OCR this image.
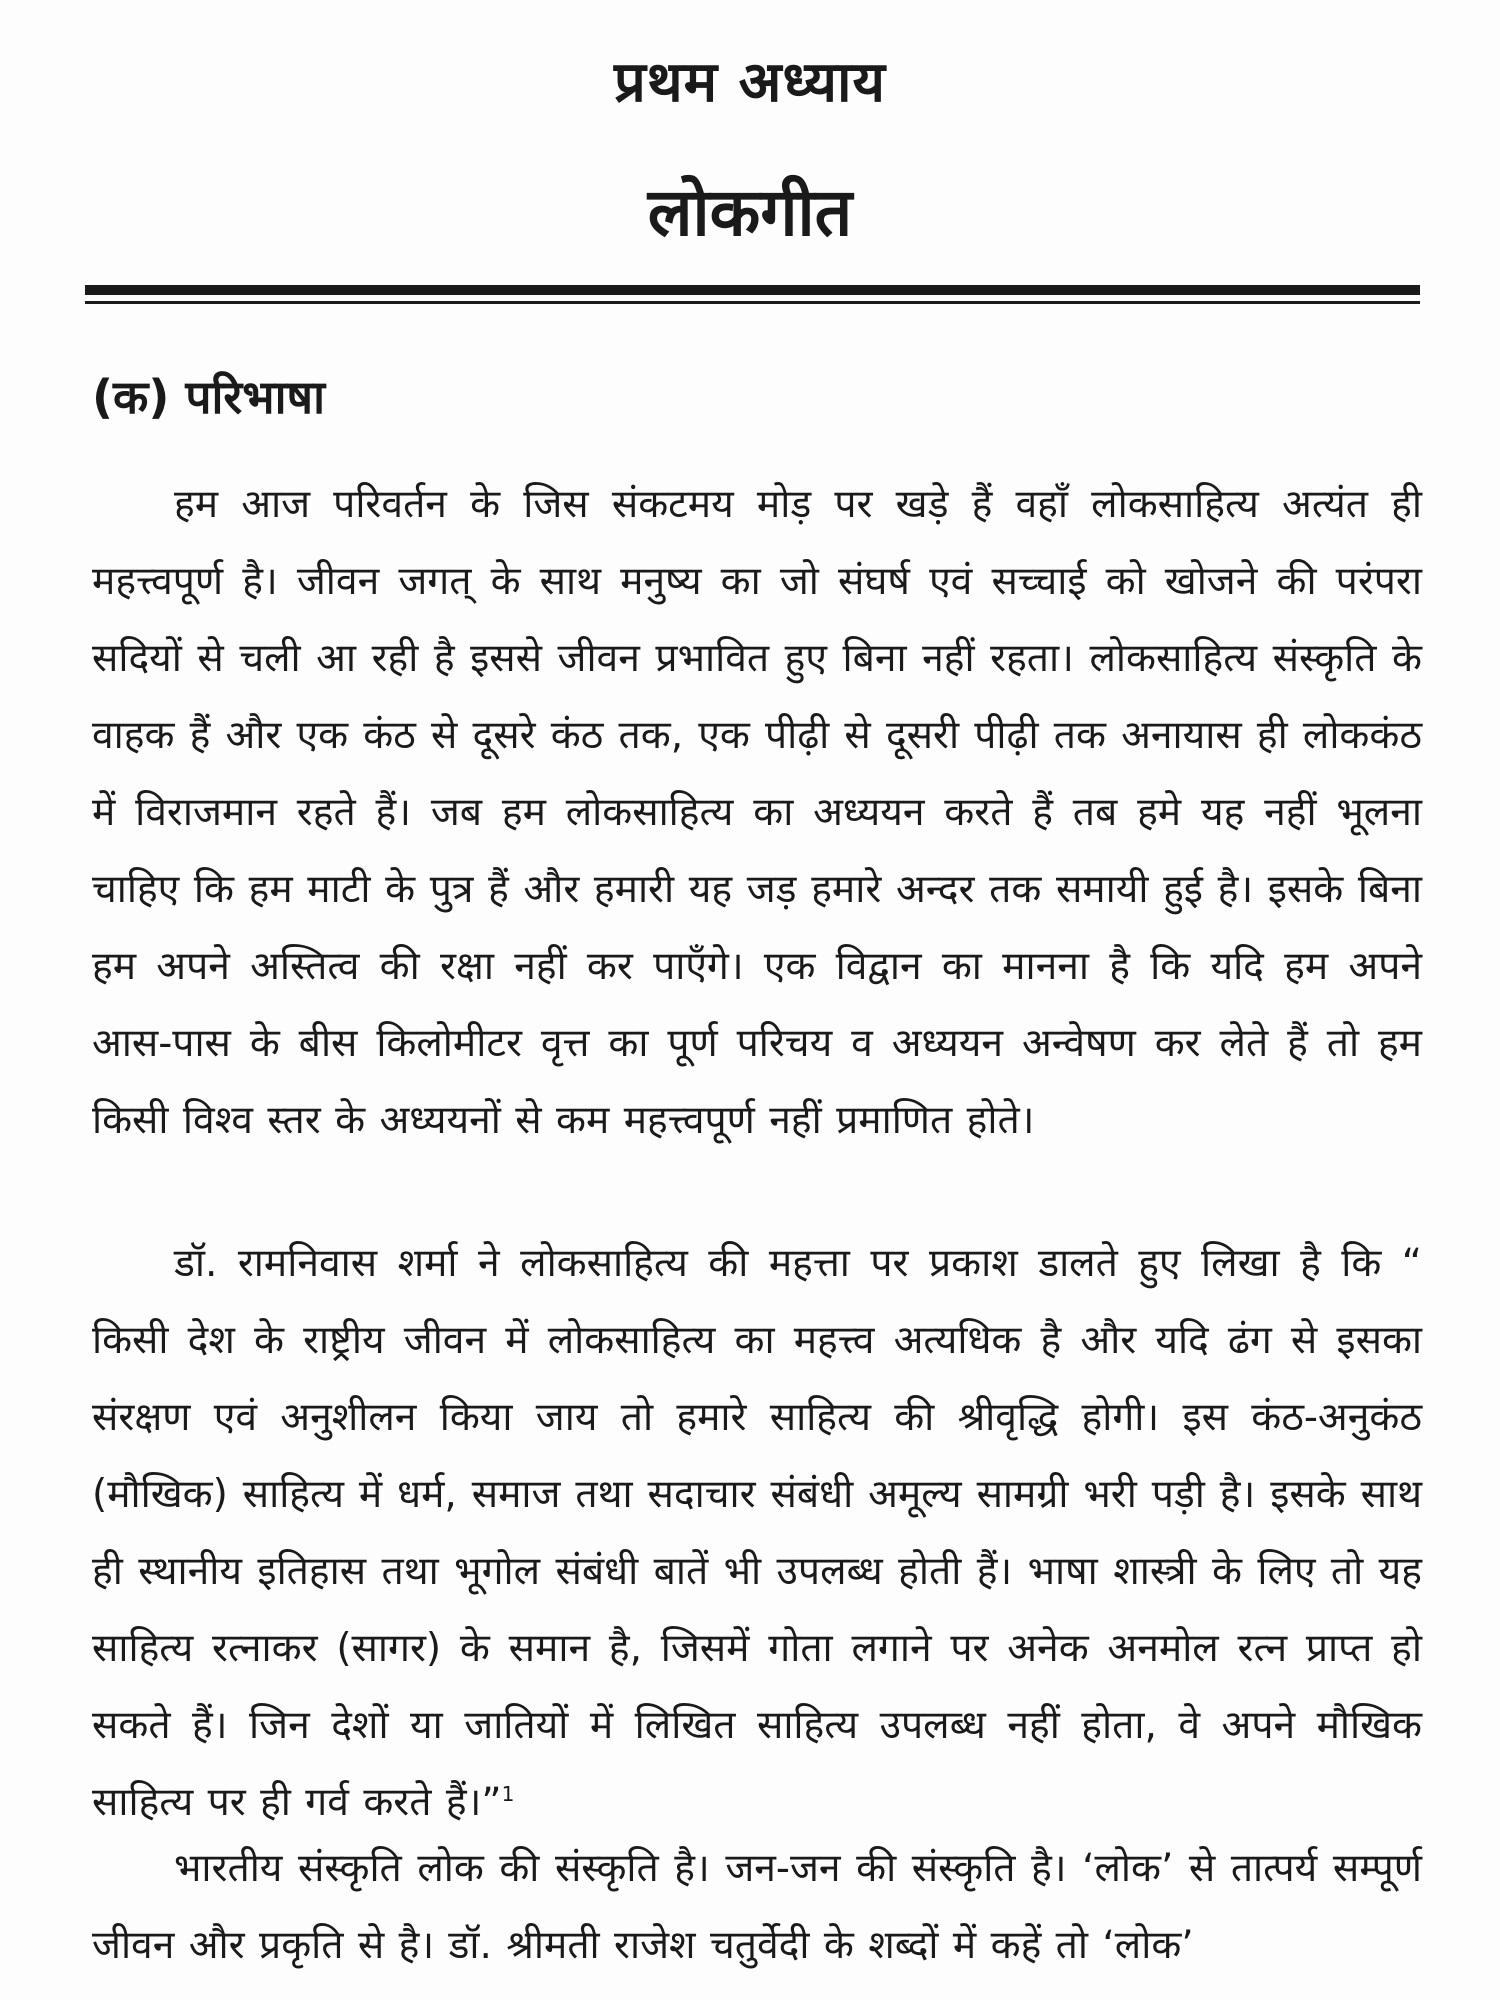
प्रथम अध्याय
लोकगीत
(क) परिभाषा
हम आज परिवर्तन के जिस संकटमय मोड़ पर खड़े हैं वहाँ लोकसाहित्य अत्यंत ही महत्त्वपूर्ण है। जीवन जगत् के साथ मनुष्य का जो संघर्ष एवं सच्चाई को खोजने की परंपरा सदियों से चली आ रही है इससे जीवन प्रभावित हुए बिना नहीं रहता। लोकसाहित्य संस्कृति के वाहक हैं और एक कंठ से दूसरे कंठ तक, एक पीढ़ी से दूसरी पीढ़ी तक अनायास ही लोककंठ में विराजमान रहते हैं। जब हम लोकसाहित्य का अध्ययन करते हैं तब हमे यह नहीं भूलना चाहिए कि हम माटी के पुत्र हैं और हमारी यह जड़ हमारे अन्दर तक समायी हुई है। इसके बिना हम अपने अस्तित्व की रक्षा नहीं कर पाएँगे। एक विद्वान का मानना है कि यदि हम अपने आस-पास के बीस किलोमीटर वृत्त का पूर्ण परिचय व अध्ययन अन्वेषण कर लेते हैं तो हम किसी विश्व स्तर के अध्ययनों से कम महत्त्वपूर्ण नहीं प्रमाणित होते।
डॉ. रामनिवास शर्मा ने लोकसाहित्य की महत्ता पर प्रकाश डालते हुए लिखा है कि “ किसी देश के राष्ट्रीय जीवन में लोकसाहित्य का महत्त्व अत्यधिक है और यदि ढंग से इसका संरक्षण एवं अनुशीलन किया जाय तो हमारे साहित्य की श्रीवृद्धि होगी। इस कंठ-अनुकंठ (मौखिक) साहित्य में धर्म, समाज तथा सदाचार संबंधी अमूल्य सामग्री भरी पड़ी है। इसके साथ ही स्थानीय इतिहास तथा भूगोल संबंधी बातें भी उपलब्ध होती हैं। भाषा शास्त्री के लिए तो यह साहित्य रत्नाकर (सागर) के समान है, जिसमें गोता लगाने पर अनेक अनमोल रत्न प्राप्त हो सकते हैं। जिन देशों या जातियों में लिखित साहित्य उपलब्ध नहीं होता, वे अपने मौखिक साहित्य पर ही गर्व करते हैं।”$^1$
भारतीय संस्कृति लोक की संस्कृति है। जन-जन की संस्कृति है। ‘लोक’ से तात्पर्य सम्पूर्ण जीवन और प्रकृति से है। डॉ. श्रीमती राजेश चतुर्वेदी के शब्दों में कहें तो ‘लोक’
